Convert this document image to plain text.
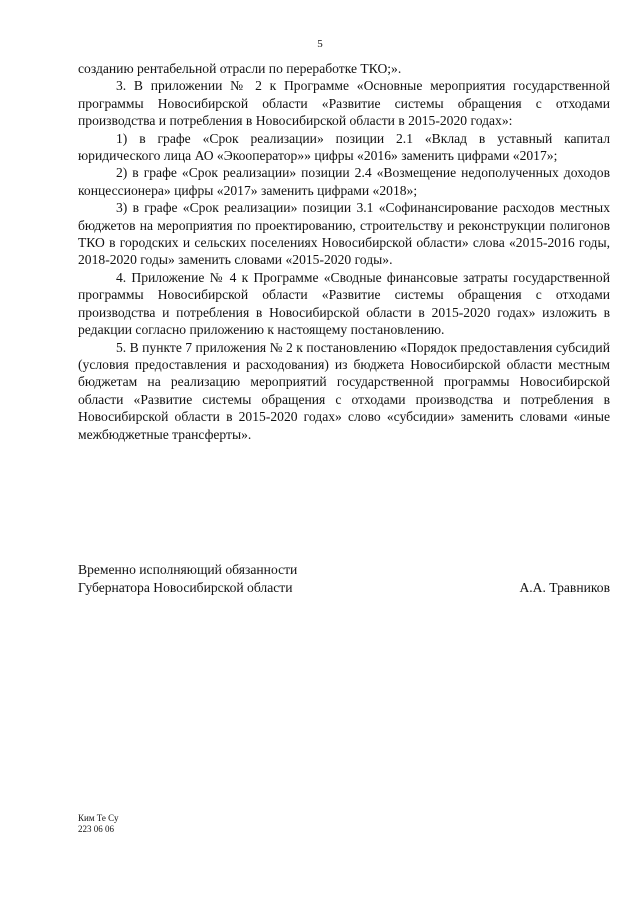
5

созданию рентабельной отрасли по переработке ТКО;».

3. В приложении № 2 к Программе «Основные мероприятия государственной программы Новосибирской области «Развитие системы обращения с отходами производства и потребления в Новосибирской области в 2015-2020 годах»:

1) в графе «Срок реализации» позиции 2.1 «Вклад в уставный капитал юридического лица АО «Экооператор»» цифры «2016» заменить цифрами «2017»;

2) в графе «Срок реализации» позиции 2.4 «Возмещение недополученных доходов концессионера» цифры «2017» заменить цифрами «2018»;

3) в графе «Срок реализации» позиции 3.1 «Софинансирование расходов местных бюджетов на мероприятия по проектированию, строительству и реконструкции полигонов ТКО в городских и сельских поселениях Новосибирской области» слова «2015-2016 годы, 2018-2020 годы» заменить словами «2015-2020 годы».

4. Приложение № 4 к Программе «Сводные финансовые затраты государственной программы Новосибирской области «Развитие системы обращения с отходами производства и потребления в Новосибирской области в 2015-2020 годах» изложить в редакции согласно приложению к настоящему постановлению.

5. В пункте 7 приложения № 2 к постановлению «Порядок предоставления субсидий (условия предоставления и расходования) из бюджета Новосибирской области местным бюджетам на реализацию мероприятий государственной программы Новосибирской области «Развитие системы обращения с отходами производства и потребления в Новосибирской области в 2015-2020 годах» слово «субсидии» заменить словами «иные межбюджетные трансферты».

Временно исполняющий обязанности
Губернатора Новосибирской области	А.А. Травников
Ким Те Су
223 06 06
